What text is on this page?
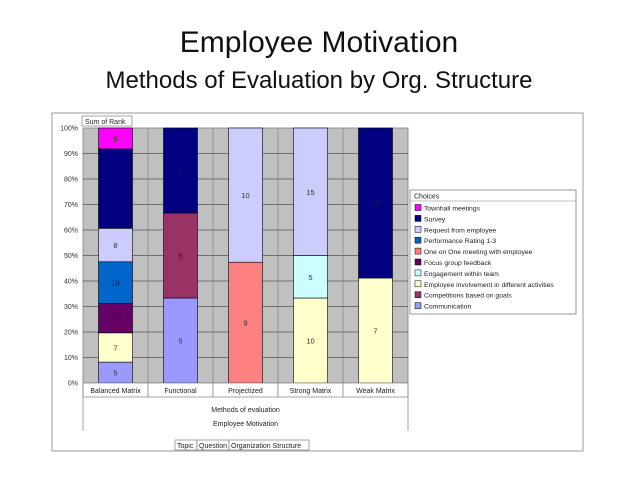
Employee Motivation
Methods of Evaluation by Org. Structure
5
7
7
10
8
5
5
5
5
9
10
10
5
15
7
10
0%
10%
20%
30%
40%
50%
60%
70%
80%
90%
100%
Balanced Matrix	Functional	Projectized	Strong Matrix	Weak Matrix
Methods of evaluation
Employee Motivation
Choices
Townhall meetings
Survey
Request from employee
Performance Rating 1-3
One on One meeting with employee
Focus group feedback
Engagement within team
Employee involvement in different activities
Competitions based on goals
Communication
Sum of Rank
Topic Question Organization Structure
